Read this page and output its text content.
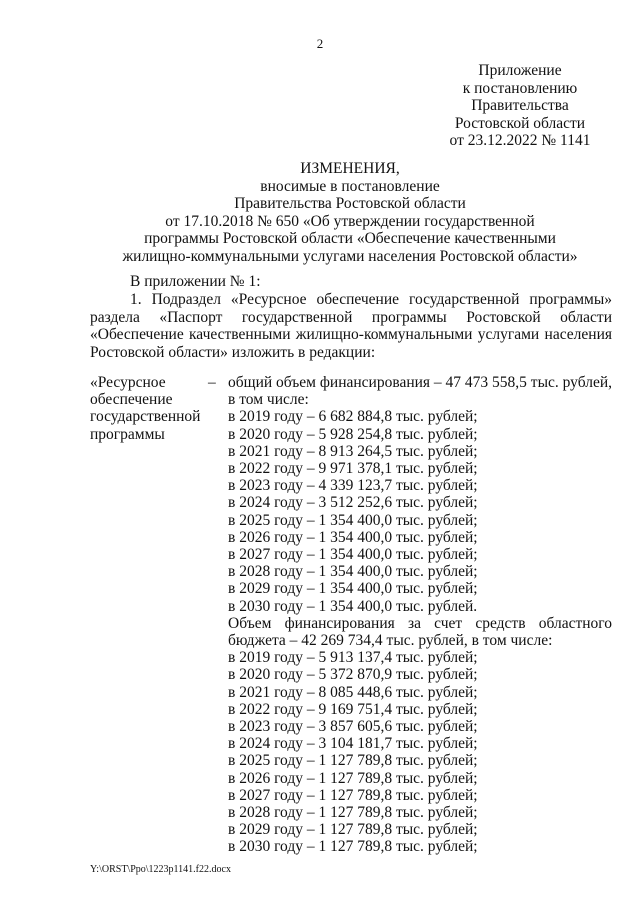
2
Приложение
к постановлению
Правительства
Ростовской области
от 23.12.2022 № 1141
ИЗМЕНЕНИЯ,
вносимые в постановление
Правительства Ростовской области
от 17.10.2018 № 650 «Об утверждении государственной
программы Ростовской области «Обеспечение качественными
жилищно-коммунальными услугами населения Ростовской области»
В приложении № 1:
1. Подраздел «Ресурсное обеспечение государственной программы»
раздела «Паспорт государственной программы Ростовской области
«Обеспечение качественными жилищно-коммунальными услугами населения
Ростовской области» изложить в редакции:
«Ресурсное
обеспечение
государственной
программы
– общий объем финансирования – 47 473 558,5 тыс. рублей,
в том числе:
в 2019 году – 6 682 884,8 тыс. рублей;
в 2020 году – 5 928 254,8 тыс. рублей;
в 2021 году – 8 913 264,5 тыс. рублей;
в 2022 году – 9 971 378,1 тыс. рублей;
в 2023 году – 4 339 123,7 тыс. рублей;
в 2024 году – 3 512 252,6 тыс. рублей;
в 2025 году – 1 354 400,0 тыс. рублей;
в 2026 году – 1 354 400,0 тыс. рублей;
в 2027 году – 1 354 400,0 тыс. рублей;
в 2028 году – 1 354 400,0 тыс. рублей;
в 2029 году – 1 354 400,0 тыс. рублей;
в 2030 году – 1 354 400,0 тыс. рублей.
Объем финансирования за счет средств областного
бюджета – 42 269 734,4 тыс. рублей, в том числе:
в 2019 году – 5 913 137,4 тыс. рублей;
в 2020 году – 5 372 870,9 тыс. рублей;
в 2021 году – 8 085 448,6 тыс. рублей;
в 2022 году – 9 169 751,4 тыс. рублей;
в 2023 году – 3 857 605,6 тыс. рублей;
в 2024 году – 3 104 181,7 тыс. рублей;
в 2025 году – 1 127 789,8 тыс. рублей;
в 2026 году – 1 127 789,8 тыс. рублей;
в 2027 году – 1 127 789,8 тыс. рублей;
в 2028 году – 1 127 789,8 тыс. рублей;
в 2029 году – 1 127 789,8 тыс. рублей;
в 2030 году – 1 127 789,8 тыс. рублей;
Y:\ORST\Ppo\1223p1141.f22.docx
